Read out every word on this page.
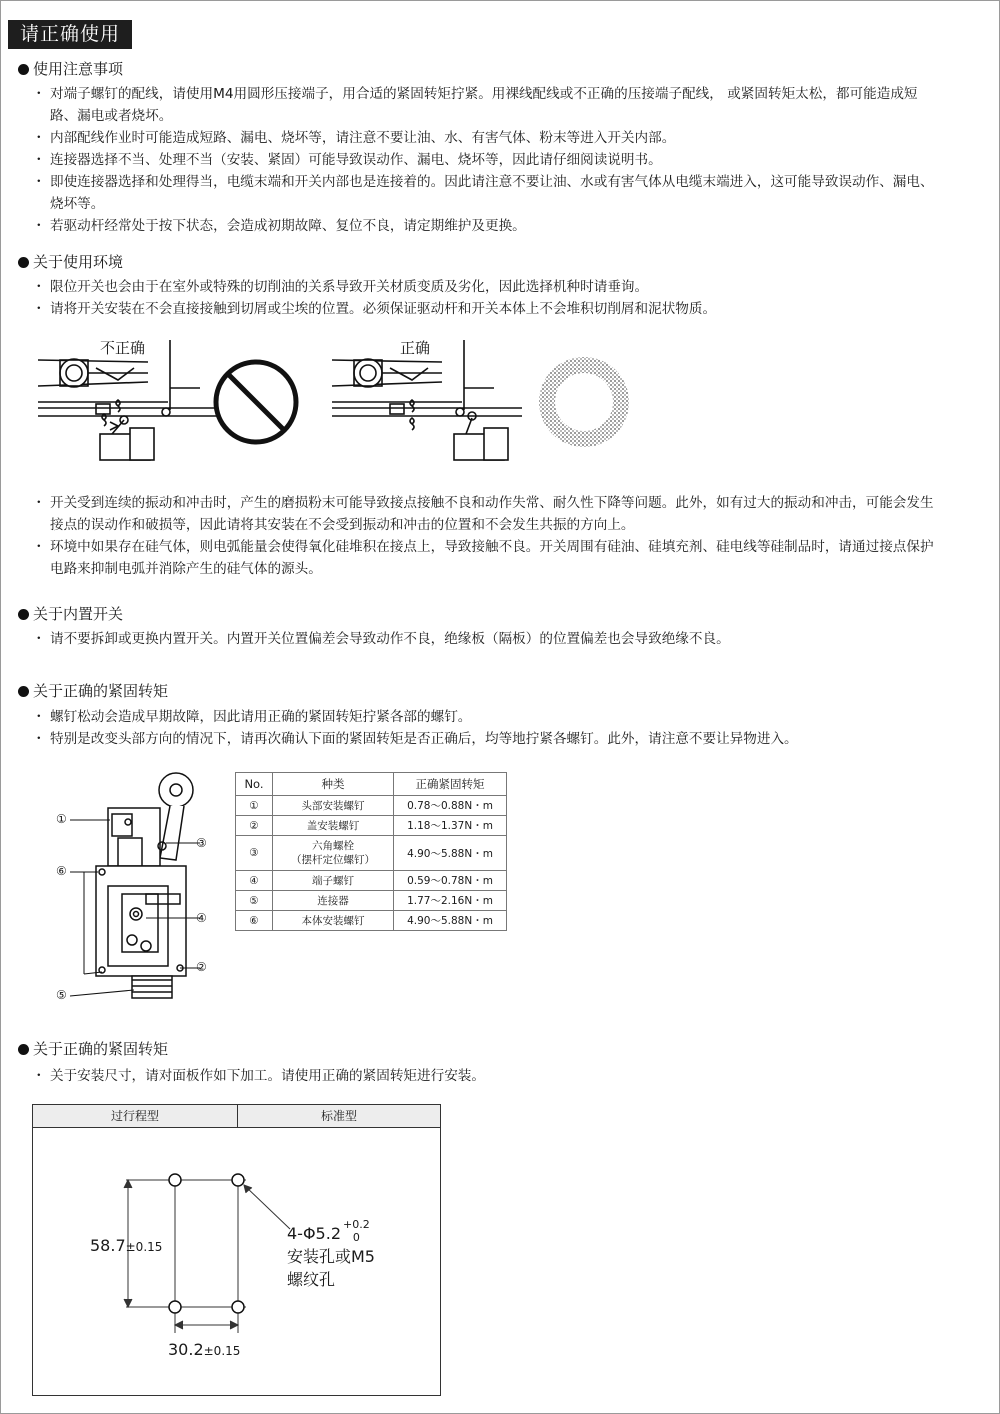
请正确使用
使用注意事项
・ 对端子螺钉的配线，请使用M4用圆形压接端子，用合适的紧固转矩拧紧。用裸线配线或不正确的压接端子配线， 或紧固转矩太松，都可能造成短路、漏电或者烧坏。
・ 内部配线作业时可能造成短路、漏电、烧坏等，请注意不要让油、水、有害气体、粉末等进入开关内部。
・ 连接器选择不当、处理不当（安装、紧固）可能导致误动作、漏电、烧坏等，因此请仔细阅读说明书。
・ 即使连接器选择和处理得当，电缆末端和开关内部也是连接着的。因此请注意不要让油、水或有害气体从电缆末端进入，这可能导致误动作、漏电、烧坏等。
・ 若驱动杆经常处于按下状态，会造成初期故障、复位不良，请定期维护及更换。
关于使用环境
・ 限位开关也会由于在室外或特殊的切削油的关系导致开关材质变质及劣化，因此选择机种时请垂询。
・ 请将开关安装在不会直接接触到切屑或尘埃的位置。必须保证驱动杆和开关本体上不会堆积切削屑和泥状物质。
不正确	正确
・ 开关受到连续的振动和冲击时，产生的磨损粉末可能导致接点接触不良和动作失常、耐久性下降等问题。此外，如有过大的振动和冲击，可能会发生接点的误动作和破损等，因此请将其安装在不会受到振动和冲击的位置和不会发生共振的方向上。
・ 环境中如果存在硅气体，则电弧能量会使得氧化硅堆积在接点上，导致接触不良。开关周围有硅油、硅填充剂、硅电线等硅制品时，请通过接点保护电路来抑制电弧并消除产生的硅气体的源头。
关于内置开关
・ 请不要拆卸或更换内置开关。内置开关位置偏差会导致动作不良，绝缘板（隔板）的位置偏差也会导致绝缘不良。
关于正确的紧固转矩
・ 螺钉松动会造成早期故障，因此请用正确的紧固转矩拧紧各部的螺钉。
・ 特别是改变头部方向的情况下，请再次确认下面的紧固转矩是否正确后，均等地拧紧各螺钉。此外，请注意不要让异物进入。
①
②
③
④
⑤
⑥
No.	种类	正确紧固转矩
①	头部安装螺钉	0.78～0.88N・m
②	盖安装螺钉	1.18～1.37N・m
③	六角螺栓
（摆杆定位螺钉）	4.90～5.88N・m
④	端子螺钉	0.59～0.78N・m
⑤	连接器	1.77～2.16N・m
⑥	本体安装螺钉	4.90～5.88N・m
关于正确的紧固转矩
・ 关于安装尺寸，请对面板作如下加工。请使用正确的紧固转矩进行安装。
过行程型	标准型
58.7±0.15
30.2±0.15
4-Φ5.2 +0.2
0
安装孔或M5
螺纹孔
